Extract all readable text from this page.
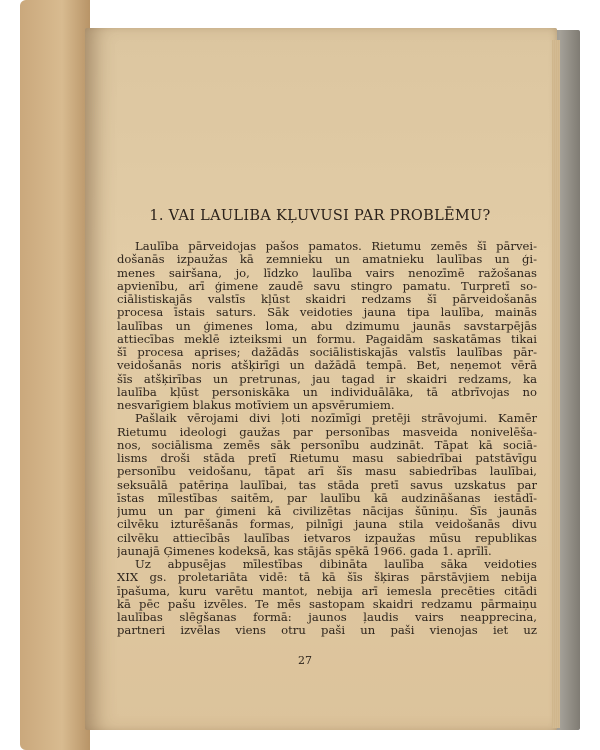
1. VAI LAULIBA KĻUVUSI PAR PROBLĒMU?
Laulība pārveidojas pašos pamatos. Rietumu zemēs šī pārvei-
došanās izpaužas kā zemnieku un amatnieku laulības un ģi-
menes sairšana, jo, līdzko laulība vairs nenozīmē ražošanas
apvienību, arī ģimene zaudē savu stingro pamatu. Turpretī so-
ciālistiskajās valstīs kļūst skaidri redzams šī pārveidošanās
procesa īstais saturs. Sāk veidoties jauna tipa laulība, mainās
laulības un ģimenes loma, abu dzimumu jaunās savstarpējās
attiecības meklē izteiksmi un formu. Pagaidām saskatāmas tikai
šī procesa aprises; dažādās sociālistiskajās valstīs laulības pār-
veidošanās noris atšķirīgi un dažādā tempā. Bet, neņemot vērā
šīs atšķirības un pretrunas, jau tagad ir skaidri redzams, ka
laulība kļūst personiskāka un individuālāka, tā atbrīvojas no
nesvarīgiem blakus motīviem un apsvērumiem.
Pašlaik vērojami divi ļoti nozīmīgi pretēji strāvojumi. Kamēr
Rietumu ideologi gaužas par personības masveida nonivelēša-
nos, sociālisma zemēs sāk personību audzināt. Tāpat kā sociā-
lisms droši stāda pretī Rietumu masu sabiedrībai patstāvīgu
personību veidošanu, tāpat arī šīs masu sabiedrības laulībai,
seksuālā patēriņa laulībai, tas stāda pretī savus uzskatus par
īstas mīlestības saitēm, par laulību kā audzināšanas iestādī-
jumu un par ģimeni kā civilizētas nācijas šūniņu. Šīs jaunās
cilvēku izturēšanās formas, pilnīgi jauna stila veidošanās divu
cilvēku attiecībās laulības ietvaros izpaužas mūsu republikas
jaunajā Ģimenes kodeksā, kas stājās spēkā 1966. gada 1. aprīlī.
Uz abpusējas mīlestības dibināta laulība sāka veidoties
XIX gs. proletariāta vidē: tā kā šīs šķiras pārstāvjiem nebija
īpašuma, kuru varētu mantot, nebija arī iemesla precēties citādi
kā pēc pašu izvēles. Te mēs sastopam skaidri redzamu pārmaiņu
laulības slēgšanas formā: jaunos ļaudis vairs neapprecina,
partneri izvēlas viens otru paši un paši vienojas iet uz
27
